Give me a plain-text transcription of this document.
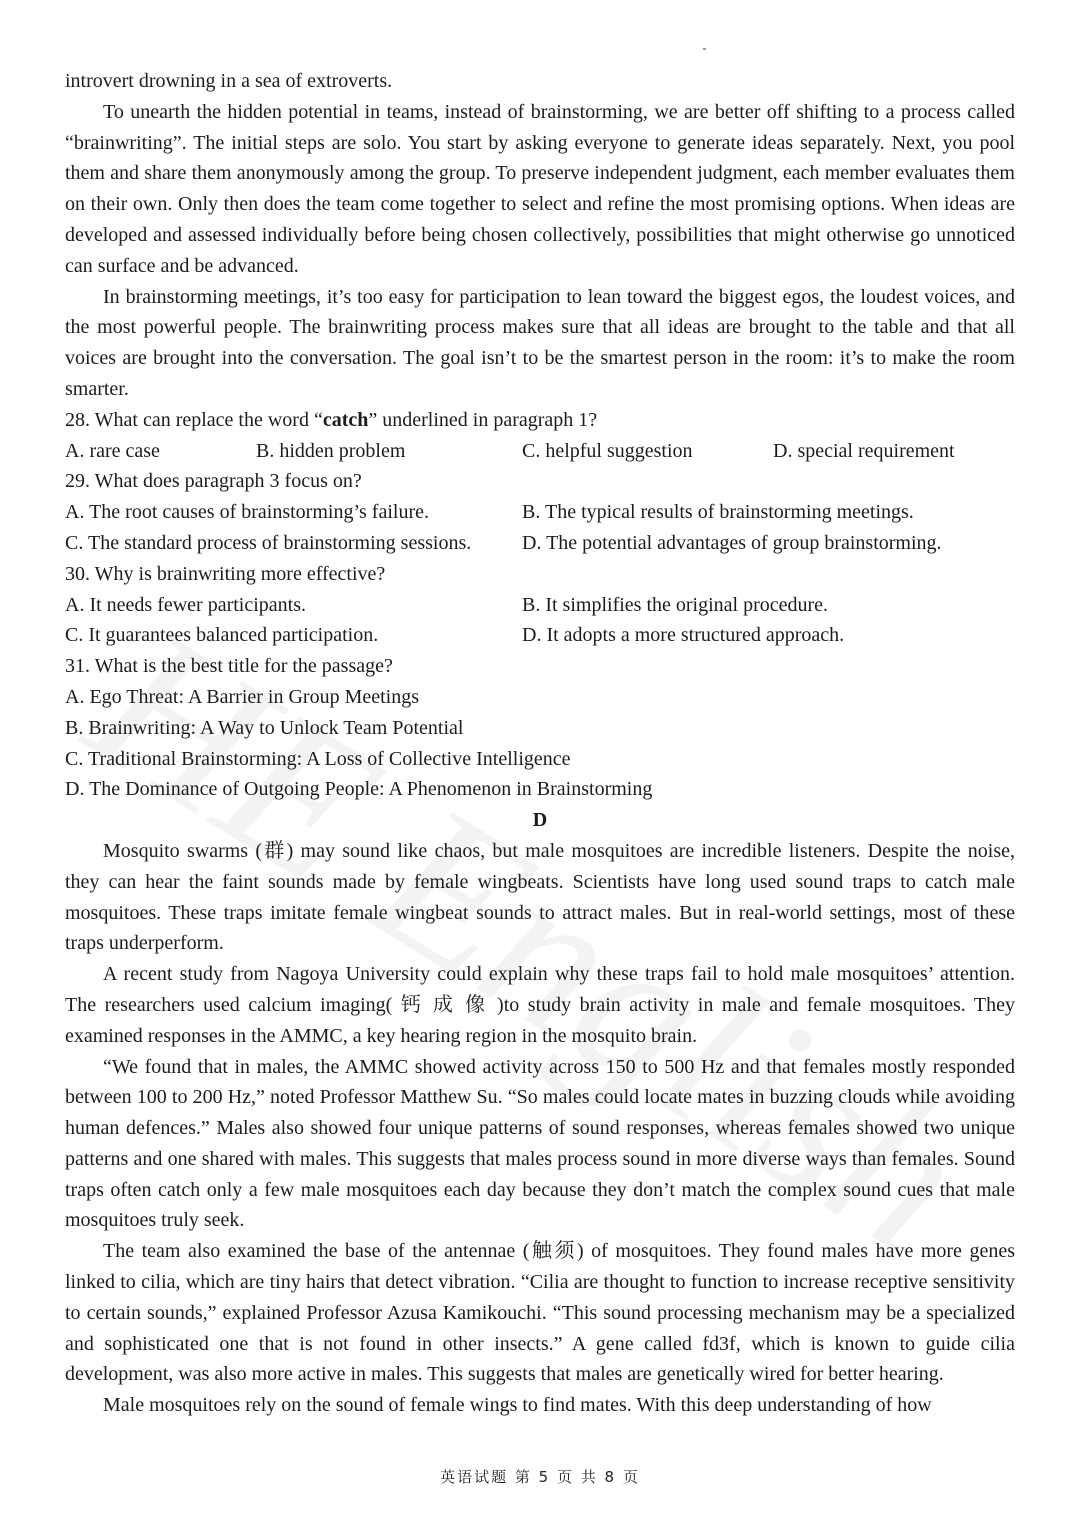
introvert drowning in a sea of extroverts.

To unearth the hidden potential in teams, instead of brainstorming, we are better off shifting to a process called “brainwriting”. The initial steps are solo. You start by asking everyone to generate ideas separately. Next, you pool them and share them anonymously among the group. To preserve independent judgment, each member evaluates them on their own. Only then does the team come together to select and refine the most promising options. When ideas are developed and assessed individually before being chosen collectively, possibilities that might otherwise go unnoticed can surface and be advanced.

In brainstorming meetings, it’s too easy for participation to lean toward the biggest egos, the loudest voices, and the most powerful people. The brainwriting process makes sure that all ideas are brought to the table and that all voices are brought into the conversation. The goal isn’t to be the smartest person in the room: it’s to make the room smarter.

28. What can replace the word “catch” underlined in paragraph 1?

A. rare case	B. hidden problem	C. helpful suggestion	D. special requirement

29. What does paragraph 3 focus on?

A. The root causes of brainstorming’s failure.	B. The typical results of brainstorming meetings.
C. The standard process of brainstorming sessions.	D. The potential advantages of group brainstorming.

30. Why is brainwriting more effective?

A. It needs fewer participants.	B. It simplifies the original procedure.
C. It guarantees balanced participation.	D. It adopts a more structured approach.

31. What is the best title for the passage?

A. Ego Threat: A Barrier in Group Meetings

B. Brainwriting: A Way to Unlock Team Potential

C. Traditional Brainstorming: A Loss of Collective Intelligence

D. The Dominance of Outgoing People: A Phenomenon in Brainstorming

D

Mosquito swarms (群) may sound like chaos, but male mosquitoes are incredible listeners. Despite the noise, they can hear the faint sounds made by female wingbeats. Scientists have long used sound traps to catch male mosquitoes. These traps imitate female wingbeat sounds to attract males. But in real-world settings, most of these traps underperform.

A recent study from Nagoya University could explain why these traps fail to hold male mosquitoes’ attention. The researchers used calcium imaging( 钙 成 像 )to study brain activity in male and female mosquitoes. They examined responses in the AMMC, a key hearing region in the mosquito brain.

“We found that in males, the AMMC showed activity across 150 to 500 Hz and that females mostly responded between 100 to 200 Hz,” noted Professor Matthew Su. “So males could locate mates in buzzing clouds while avoiding human defences.” Males also showed four unique patterns of sound responses, whereas females showed two unique patterns and one shared with males. This suggests that males process sound in more diverse ways than females. Sound traps often catch only a few male mosquitoes each day because they don’t match the complex sound cues that male mosquitoes truly seek.

The team also examined the base of the antennae (触须) of mosquitoes. They found males have more genes linked to cilia, which are tiny hairs that detect vibration. “Cilia are thought to function to increase receptive sensitivity to certain sounds,” explained Professor Azusa Kamikouchi. “This sound processing mechanism may be a specialized and sophisticated one that is not found in other insects.” A gene called fd3f, which is known to guide cilia development, was also more active in males. This suggests that males are genetically wired for better hearing.

Male mosquitoes rely on the sound of female wings to find mates. With this deep understanding of how

英语试题 第 5 页 共 8 页
